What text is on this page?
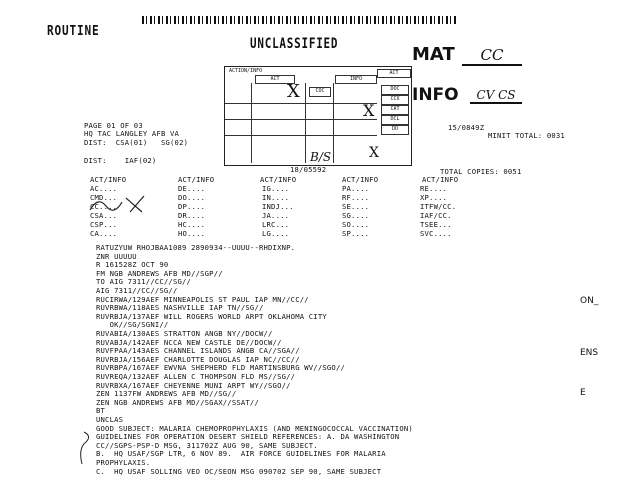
ROUTINE
UNCLASSIFIED
ACTION/INFO
ACT	INFO
ACT
COC	DOC
CCX
CAT
DCL
DO
X
X
X
MAT	CC
INFO	CV CS
PAGE 01 OF 03
HQ TAC LANGLEY AFB VA
DIST:  CSA(01)   SG(02)
DIST:    IAF(02)
15/0849Z
MINIT TOTAL: 0031
B/S
18/05592	TOTAL COPIES: 0051
ACT/INFO	ACT/INFO	ACT/INFO	ACT/INFO	ACT/INFO
AC....	DE....	IG....	PA....	RE....
CMD...	DO....	IN....	RF....	XP....
CC....	DP....	INDJ...	SE....	ITFW/CC.
CSA...	DR....	JA....	SG....	IAF/CC.
CSP...	HC....	LRC...	SO....	TSEE...
CA....	HO....	LG....	SP....	SVC....
RATUZYUW RHOJBAA1089 2890934--UUUU--RHDIXNP.
ZNR UUUUU
R 161528Z OCT 90
FM NGB ANDREWS AFB MD//SGP//
TO AIG 7311//CC//SG//
AIG 7311//CC//SG//
RUCIRWA/129AEF MINNEAPOLIS ST PAUL IAP MN//CC//
RUVRBWA/118AES NASHVILLE IAP TN//SG//
RUVRBJA/137AEF WILL ROGERS WORLD ARPT OKLAHOMA CITY
OK//SG/SGNI//
RUVABIA/130AES STRATTON ANGB NY//DOCW//
RUVABJA/142AEF NCCA NEW CASTLE DE//DOCW//
RUVFPAA/143AES CHANNEL ISLANDS ANGB CA//SGA//
RUVRBJA/156AEF CHARLOTTE DOUGLAS IAP NC//CC//
RUVRBPA/167AEF EWVNA SHEPHERD FLD MARTINSBURG WV//SGO//
RUVREQA/132AEF ALLEN C THOMPSON FLD MS//SG//
RUVRBXA/167AEF CHEYENNE MUNI ARPT WY//SGO//
ZEN 1137FW ANDREWS AFB MD//SG//
ZEN NGB ANDREWS AFB MD//SGAX//SSAT//
BT
UNCLAS
GOOD SUBJECT: MALARIA CHEMOPROPHYLAXIS (AND MENINGOCOCCAL VACCINATION)
GUIDELINES FOR OPERATION DESERT SHIELD REFERENCES: A. DA WASHINGTON
CC//SGPS-PSP-D MSG, 311702Z AUG 90, SAME SUBJECT.
B.  HQ USAF/SGP LTR, 6 NOV 89.  AIR FORCE GUIDELINES FOR MALARIA
PROPHYLAXIS.
C.  HQ USAF SOLLING VEO OC/SEON MSG 090702 SEP 90, SAME SUBJECT
ON_
ENS
E
